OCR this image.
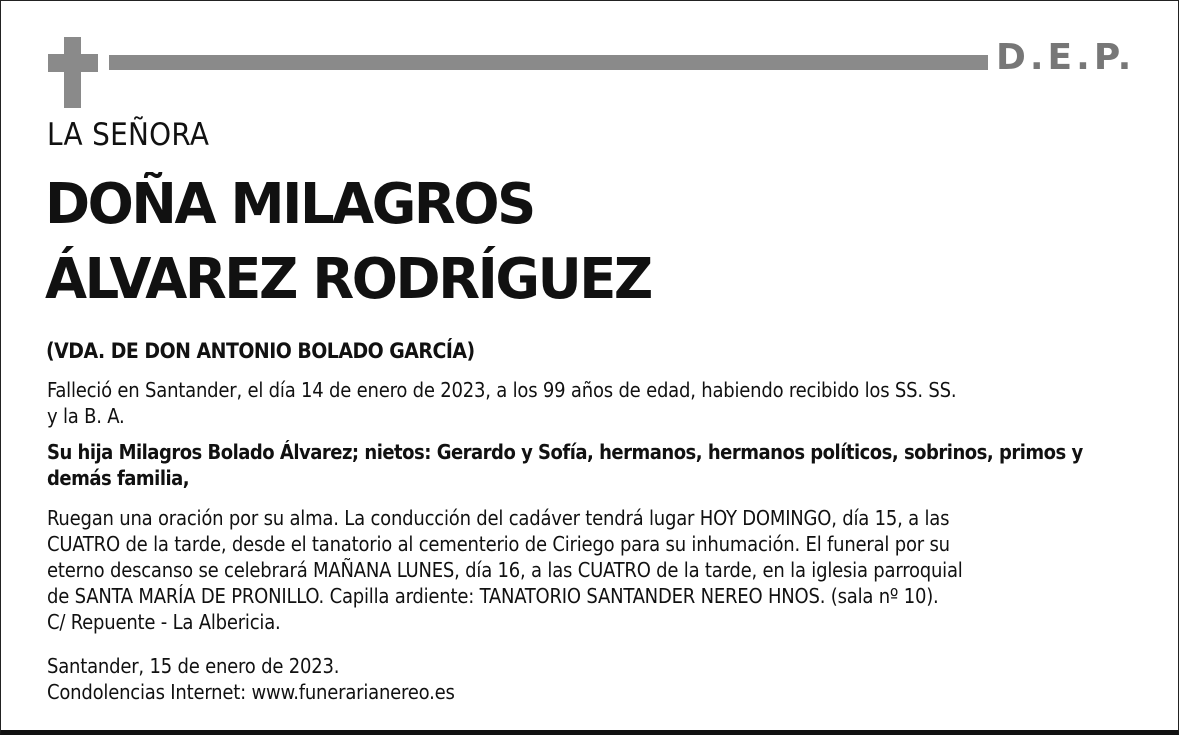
D.E.P.
LA SEÑORA
DOÑA MILAGROS
ÁLVAREZ RODRÍGUEZ
(VDA. DE DON ANTONIO BOLADO GARCÍA)
Falleció en Santander, el día 14 de enero de 2023, a los 99 años de edad, habiendo recibido los SS. SS.
y la B. A.
Su hija Milagros Bolado Álvarez; nietos: Gerardo y Sofía, hermanos, hermanos políticos, sobrinos, primos y
demás familia,
Ruegan una oración por su alma. La conducción del cadáver tendrá lugar HOY DOMINGO, día 15, a las
CUATRO de la tarde, desde el tanatorio al cementerio de Ciriego para su inhumación. El funeral por su
eterno descanso se celebrará MAÑANA LUNES, día 16, a las CUATRO de la tarde, en la iglesia parroquial
de SANTA MARÍA DE PRONILLO. Capilla ardiente: TANATORIO SANTANDER NEREO HNOS. (sala nº 10).
C/ Repuente - La Albericia.
Santander, 15 de enero de 2023.
Condolencias Internet: www.funerarianereo.es
